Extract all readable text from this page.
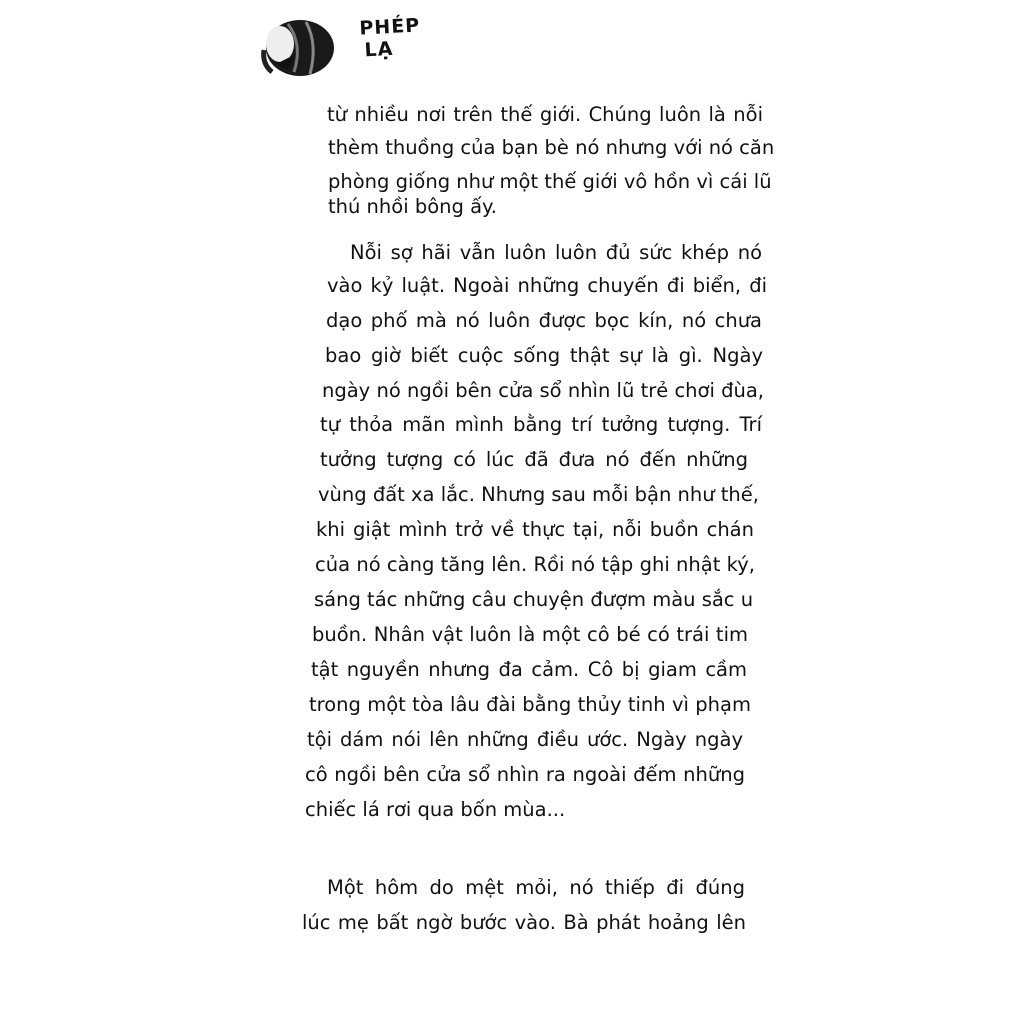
PHÉP
LẠ
từ nhiều nơi trên thế giới. Chúng luôn là nỗi
thèm thuồng của bạn bè nó nhưng với nó căn
phòng giống như một thế giới vô hồn vì cái lũ
thú nhồi bông ấy.
Nỗi sợ hãi vẫn luôn luôn đủ sức khép nó
vào kỷ luật. Ngoài những chuyến đi biển, đi
dạo phố mà nó luôn được bọc kín, nó chưa
bao giờ biết cuộc sống thật sự là gì. Ngày
ngày nó ngồi bên cửa sổ nhìn lũ trẻ chơi đùa,
tự thỏa mãn mình bằng trí tưởng tượng. Trí
tưởng tượng có lúc đã đưa nó đến những
vùng đất xa lắc. Nhưng sau mỗi bận như thế,
khi giật mình trở về thực tại, nỗi buồn chán
của nó càng tăng lên. Rồi nó tập ghi nhật ký,
sáng tác những câu chuyện đượm màu sắc u
buồn. Nhân vật luôn là một cô bé có trái tim
tật nguyền nhưng đa cảm. Cô bị giam cầm
trong một tòa lâu đài bằng thủy tinh vì phạm
tội dám nói lên những điều ước. Ngày ngày
cô ngồi bên cửa sổ nhìn ra ngoài đếm những
chiếc lá rơi qua bốn mùa...
Một hôm do mệt mỏi, nó thiếp đi đúng
lúc mẹ bất ngờ bước vào. Bà phát hoảng lên
